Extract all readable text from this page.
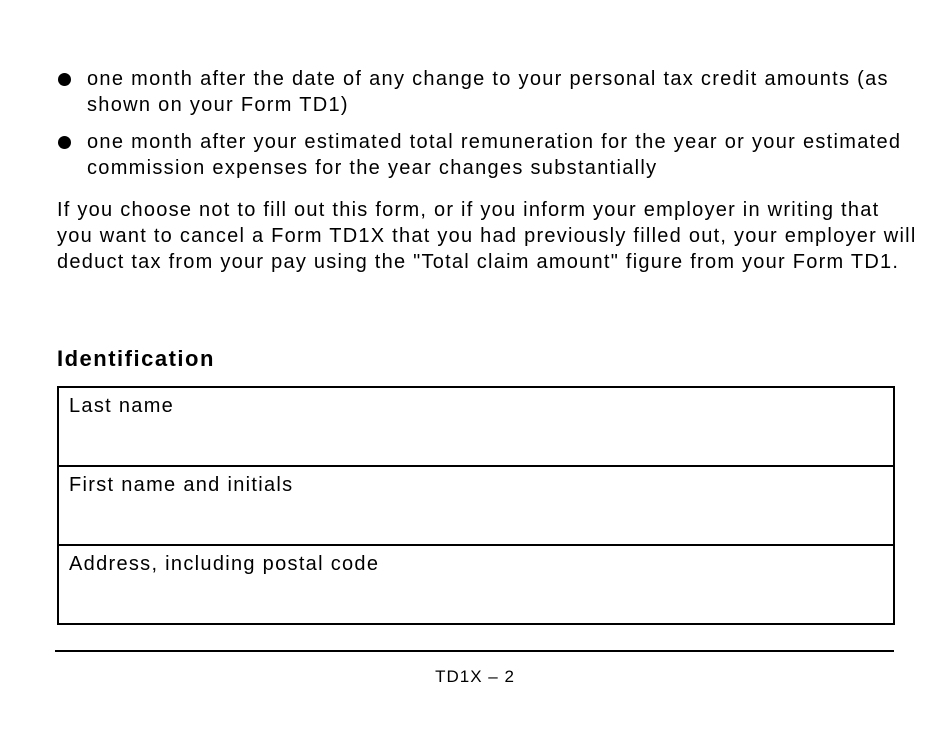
one month after the date of any change to your personal tax credit amounts (as shown on your Form TD1)
one month after your estimated total remuneration for the year or your estimated commission expenses for the year changes substantially

If you choose not to fill out this form, or if you inform your employer in writing that you want to cancel a Form TD1X that you had previously filled out, your employer will deduct tax from your pay using the "Total claim amount" figure from your Form TD1.

Identification
Last name
First name and initials
Address, including postal code
TD1X – 2
